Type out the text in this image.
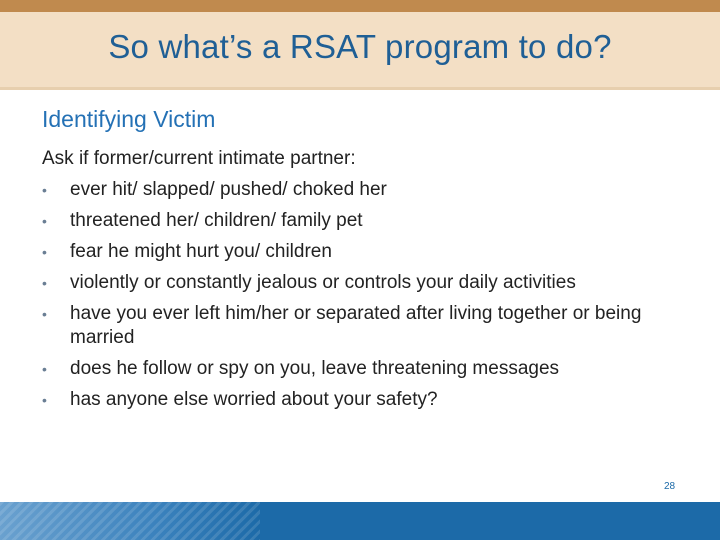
So what’s a RSAT program to do?
Identifying Victim
Ask if former/current intimate partner:
• ever hit/ slapped/ pushed/ choked her
• threatened her/ children/ family pet
• fear he might hurt you/ children
• violently or constantly jealous or controls your daily activities
• have you ever left him/her or separated after living together or being married
• does he follow or spy on you, leave threatening messages
• has anyone else worried about your safety?
28
